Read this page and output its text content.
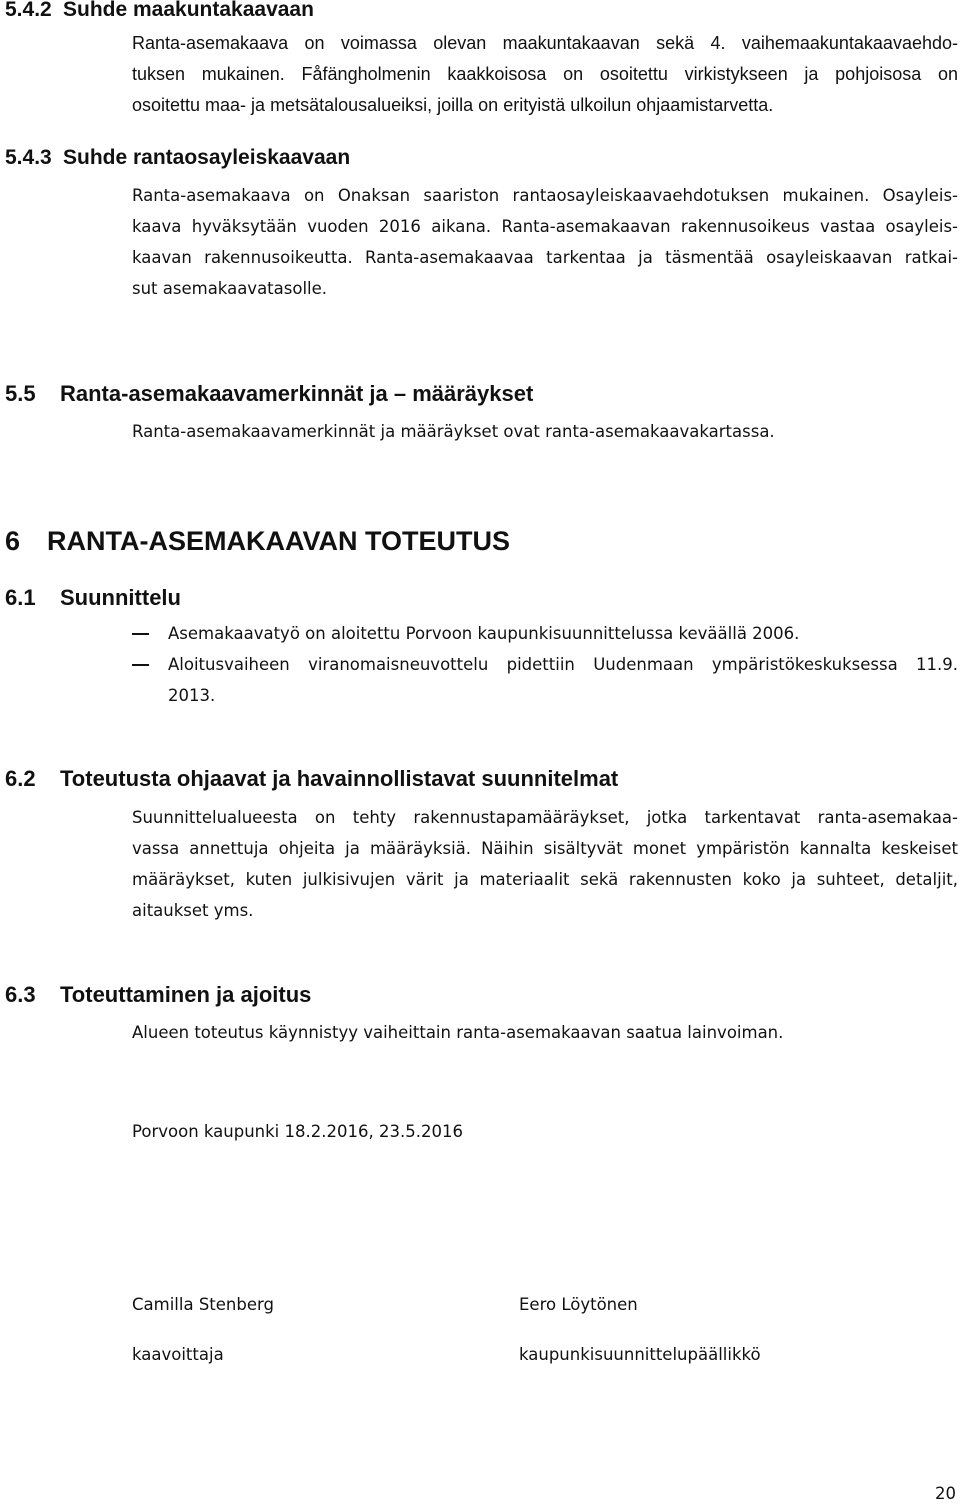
5.4.2 Suhde maakuntakaavaan
Ranta-asemakaava on voimassa olevan maakuntakaavan sekä 4. vaihemaakuntakaavaehdo-
tuksen mukainen. Fåfängholmenin kaakkoisosa on osoitettu virkistykseen ja pohjoisosa on
osoitettu maa- ja metsätalousalueiksi, joilla on erityistä ulkoilun ohjaamistarvetta.
5.4.3 Suhde rantaosayleiskaavaan
Ranta-asemakaava on Onaksan saariston rantaosayleiskaavaehdotuksen mukainen. Osayleis-
kaava hyväksytään vuoden 2016 aikana. Ranta-asemakaavan rakennusoikeus vastaa osayleis-
kaavan rakennusoikeutta. Ranta-asemakaavaa tarkentaa ja täsmentää osayleiskaavan ratkai-
sut asemakaavatasolle.
5.5 Ranta-asemakaavamerkinnät ja – määräykset
Ranta-asemakaavamerkinnät ja määräykset ovat ranta-asemakaavakartassa.
6 RANTA-ASEMAKAAVAN TOTEUTUS
6.1 Suunnittelu
Asemakaavatyö on aloitettu Porvoon kaupunkisuunnittelussa keväällä 2006.
Aloitusvaiheen viranomaisneuvottelu pidettiin Uudenmaan ympäristökeskuksessa 11.9.
2013.
6.2 Toteutusta ohjaavat ja havainnollistavat suunnitelmat
Suunnittelualueesta on tehty rakennustapamääräykset, jotka tarkentavat ranta-asemakaa-
vassa annettuja ohjeita ja määräyksiä. Näihin sisältyvät monet ympäristön kannalta keskeiset
määräykset, kuten julkisivujen värit ja materiaalit sekä rakennusten koko ja suhteet, detaljit,
aitaukset yms.
6.3 Toteuttaminen ja ajoitus
Alueen toteutus käynnistyy vaiheittain ranta-asemakaavan saatua lainvoiman.
Porvoon kaupunki 18.2.2016, 23.5.2016
Camilla Stenberg
kaavoittaja
Eero Löytönen
kaupunkisuunnittelupäällikkö
20
